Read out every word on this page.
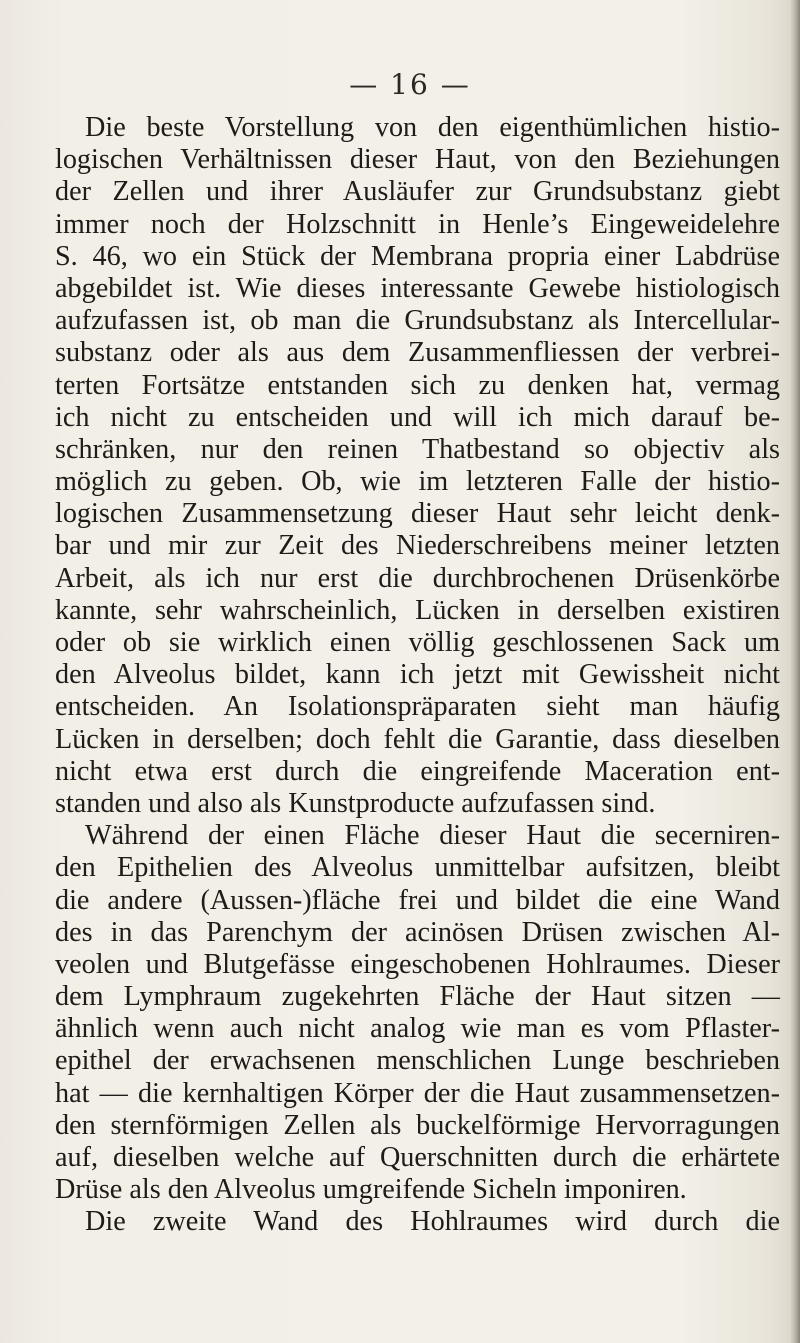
— 16 —
Die beste Vorstellung von den eigenthümlichen histio-
logischen Verhältnissen dieser Haut, von den Beziehungen
der Zellen und ihrer Ausläufer zur Grundsubstanz giebt
immer noch der Holzschnitt in Henle’s Eingeweidelehre
S. 46, wo ein Stück der Membrana propria einer Labdrüse
abgebildet ist. Wie dieses interessante Gewebe histiologisch
aufzufassen ist, ob man die Grundsubstanz als Intercellular-
substanz oder als aus dem Zusammenfliessen der verbrei-
terten Fortsätze entstanden sich zu denken hat, vermag
ich nicht zu entscheiden und will ich mich darauf be-
schränken, nur den reinen Thatbestand so objectiv als
möglich zu geben. Ob, wie im letzteren Falle der histio-
logischen Zusammensetzung dieser Haut sehr leicht denk-
bar und mir zur Zeit des Niederschreibens meiner letzten
Arbeit, als ich nur erst die durchbrochenen Drüsenkörbe
kannte, sehr wahrscheinlich, Lücken in derselben existiren
oder ob sie wirklich einen völlig geschlossenen Sack um
den Alveolus bildet, kann ich jetzt mit Gewissheit nicht
entscheiden. An Isolationspräparaten sieht man häufig
Lücken in derselben; doch fehlt die Garantie, dass dieselben
nicht etwa erst durch die eingreifende Maceration ent-
standen und also als Kunstproducte aufzufassen sind.
Während der einen Fläche dieser Haut die secerniren-
den Epithelien des Alveolus unmittelbar aufsitzen, bleibt
die andere (Aussen-)fläche frei und bildet die eine Wand
des in das Parenchym der acinösen Drüsen zwischen Al-
veolen und Blutgefässe eingeschobenen Hohlraumes. Dieser
dem Lymphraum zugekehrten Fläche der Haut sitzen —
ähnlich wenn auch nicht analog wie man es vom Pflaster-
epithel der erwachsenen menschlichen Lunge beschrieben
hat — die kernhaltigen Körper der die Haut zusammensetzen-
den sternförmigen Zellen als buckelförmige Hervorragungen
auf, dieselben welche auf Querschnitten durch die erhärtete
Drüse als den Alveolus umgreifende Sicheln imponiren.
Die zweite Wand des Hohlraumes wird durch die
